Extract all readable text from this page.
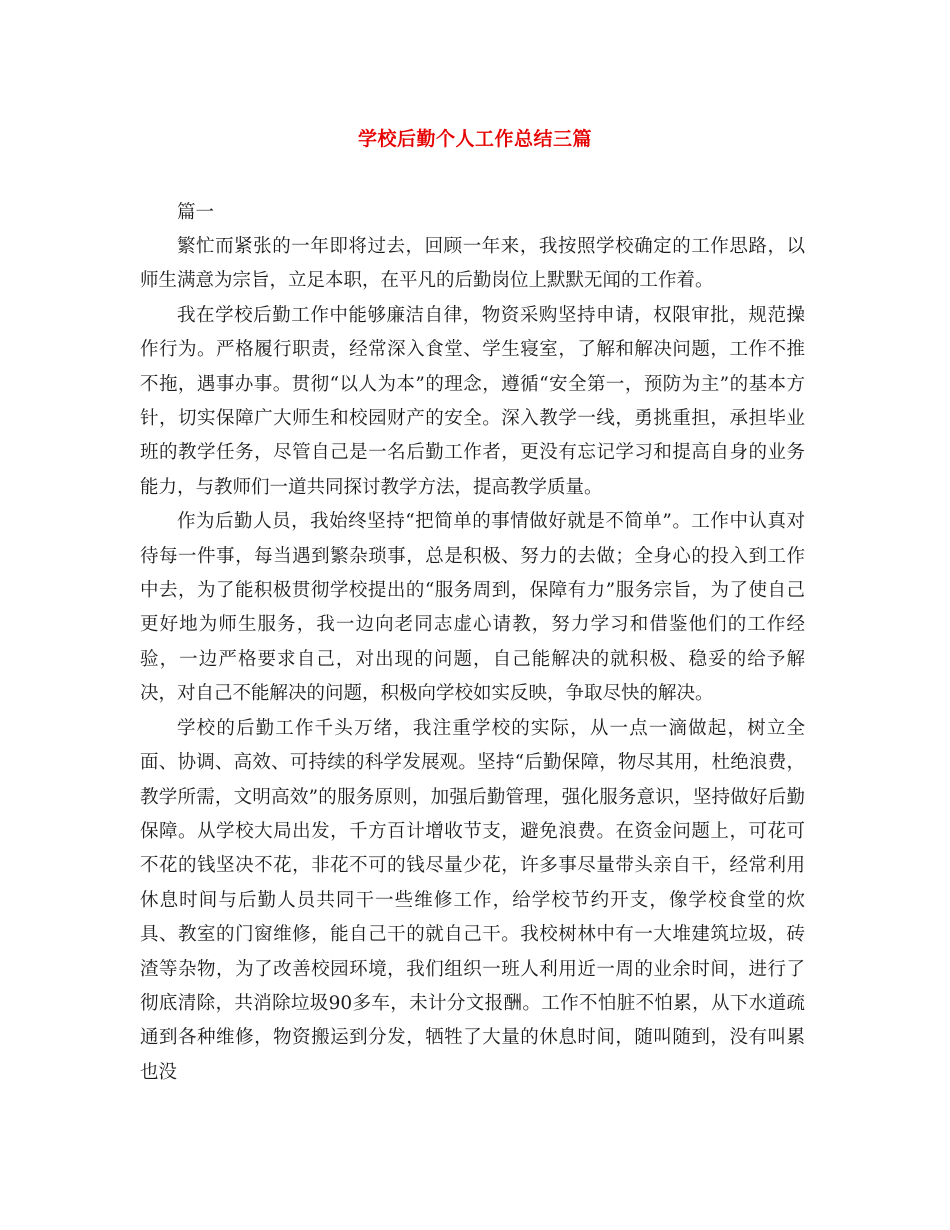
学校后勤个人工作总结三篇

篇一

繁忙而紧张的一年即将过去，回顾一年来，我按照学校确定的工作思路，以师生满意为宗旨，立足本职，在平凡的后勤岗位上默默无闻的工作着。

我在学校后勤工作中能够廉洁自律，物资采购坚持申请，权限审批，规范操作行为。严格履行职责，经常深入食堂、学生寝室，了解和解决问题，工作不推不拖，遇事办事。贯彻“以人为本”的理念，遵循“安全第一，预防为主”的基本方针，切实保障广大师生和校园财产的安全。深入教学一线，勇挑重担，承担毕业班的教学任务，尽管自己是一名后勤工作者，更没有忘记学习和提高自身的业务能力，与教师们一道共同探讨教学方法，提高教学质量。

作为后勤人员，我始终坚持“把简单的事情做好就是不简单”。工作中认真对待每一件事，每当遇到繁杂琐事，总是积极、努力的去做；全身心的投入到工作中去，为了能积极贯彻学校提出的“服务周到，保障有力”服务宗旨，为了使自己更好地为师生服务，我一边向老同志虚心请教，努力学习和借鉴他们的工作经验，一边严格要求自己，对出现的问题，自己能解决的就积极、稳妥的给予解决，对自己不能解决的问题，积极向学校如实反映，争取尽快的解决。

学校的后勤工作千头万绪，我注重学校的实际，从一点一滴做起，树立全面、协调、高效、可持续的科学发展观。坚持“后勤保障，物尽其用，杜绝浪费，教学所需，文明高效”的服务原则，加强后勤管理，强化服务意识，坚持做好后勤保障。从学校大局出发，千方百计增收节支，避免浪费。在资金问题上，可花可不花的钱坚决不花，非花不可的钱尽量少花，许多事尽量带头亲自干，经常利用休息时间与后勤人员共同干一些维修工作，给学校节约开支，像学校食堂的炊具、教室的门窗维修，能自己干的就自己干。我校树林中有一大堆建筑垃圾，砖渣等杂物，为了改善校园环境，我们组织一班人利用近一周的业余时间，进行了彻底清除，共消除垃圾90多车，未计分文报酬。工作不怕脏不怕累，从下水道疏通到各种维修，物资搬运到分发，牺牲了大量的休息时间，随叫随到，没有叫累也没
